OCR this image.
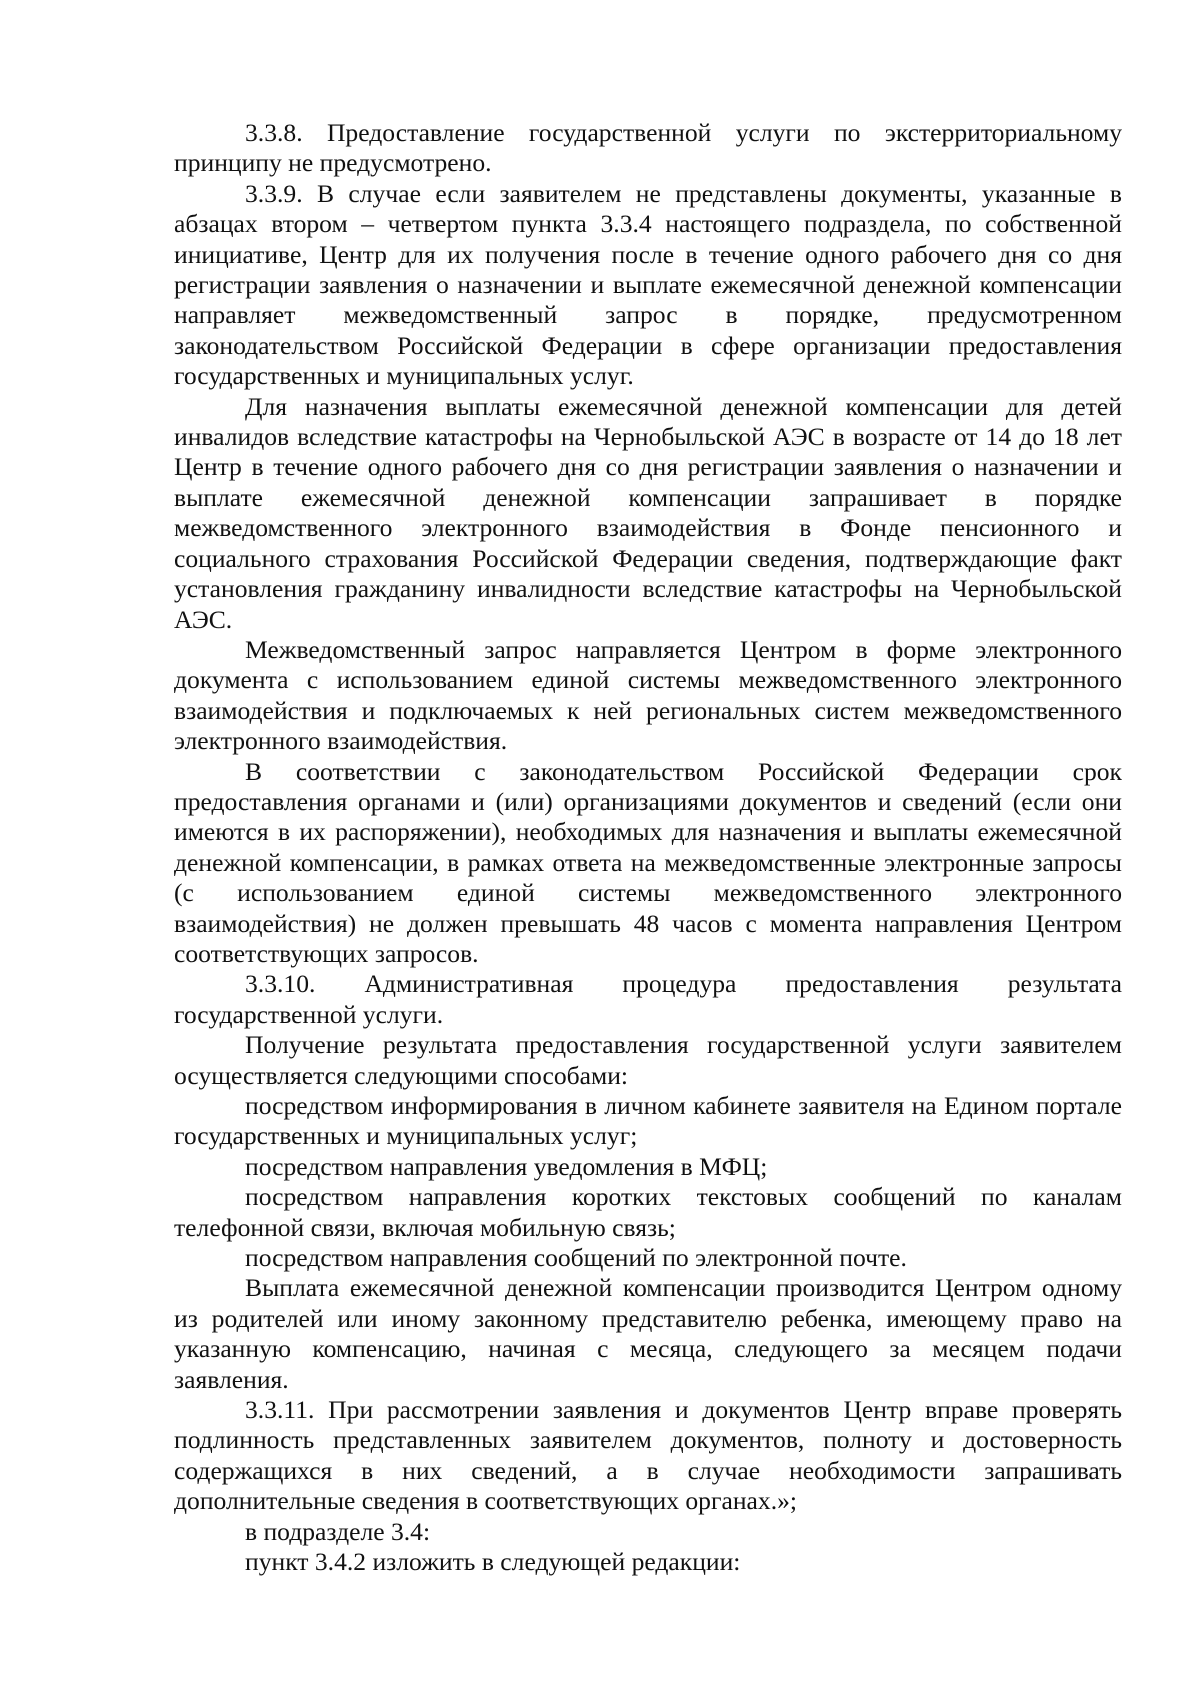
3.3.8. Предоставление государственной услуги по экстерриториальному принципу не предусмотрено.

3.3.9. В случае если заявителем не представлены документы, указанные в абзацах втором – четвертом пункта 3.3.4 настоящего подраздела, по собственной инициативе, Центр для их получения после в течение одного рабочего дня со дня регистрации заявления о назначении и выплате ежемесячной денежной компенсации направляет межведомственный запрос в порядке, предусмотренном законодательством Российской Федерации в сфере организации предоставления государственных и муниципальных услуг.

Для назначения выплаты ежемесячной денежной компенсации для детей инвалидов вследствие катастрофы на Чернобыльской АЭС в возрасте от 14 до 18 лет Центр в течение одного рабочего дня со дня регистрации заявления о назначении и выплате ежемесячной денежной компенсации запрашивает в порядке межведомственного электронного взаимодействия в Фонде пенсионного и социального страхования Российской Федерации сведения, подтверждающие факт установления гражданину инвалидности вследствие катастрофы на Чернобыльской АЭС.

Межведомственный запрос направляется Центром в форме электронного документа с использованием единой системы межведомственного электронного взаимодействия и подключаемых к ней региональных систем межведомственного электронного взаимодействия.

В соответствии с законодательством Российской Федерации срок предоставления органами и (или) организациями документов и сведений (если они имеются в их распоряжении), необходимых для назначения и выплаты ежемесячной денежной компенсации, в рамках ответа на межведомственные электронные запросы (с использованием единой системы межведомственного электронного взаимодействия) не должен превышать 48 часов с момента направления Центром соответствующих запросов.

3.3.10. Административная процедура предоставления результата государственной услуги.

Получение результата предоставления государственной услуги заявителем осуществляется следующими способами:

посредством информирования в личном кабинете заявителя на Едином портале государственных и муниципальных услуг;

посредством направления уведомления в МФЦ;

посредством направления коротких текстовых сообщений по каналам телефонной связи, включая мобильную связь;

посредством направления сообщений по электронной почте.

Выплата ежемесячной денежной компенсации производится Центром одному из родителей или иному законному представителю ребенка, имеющему право на указанную компенсацию, начиная с месяца, следующего за месяцем подачи заявления.

3.3.11. При рассмотрении заявления и документов Центр вправе проверять подлинность представленных заявителем документов, полноту и достоверность содержащихся в них сведений, а в случае необходимости запрашивать дополнительные сведения в соответствующих органах.»;

в подразделе 3.4:

пункт 3.4.2 изложить в следующей редакции:
